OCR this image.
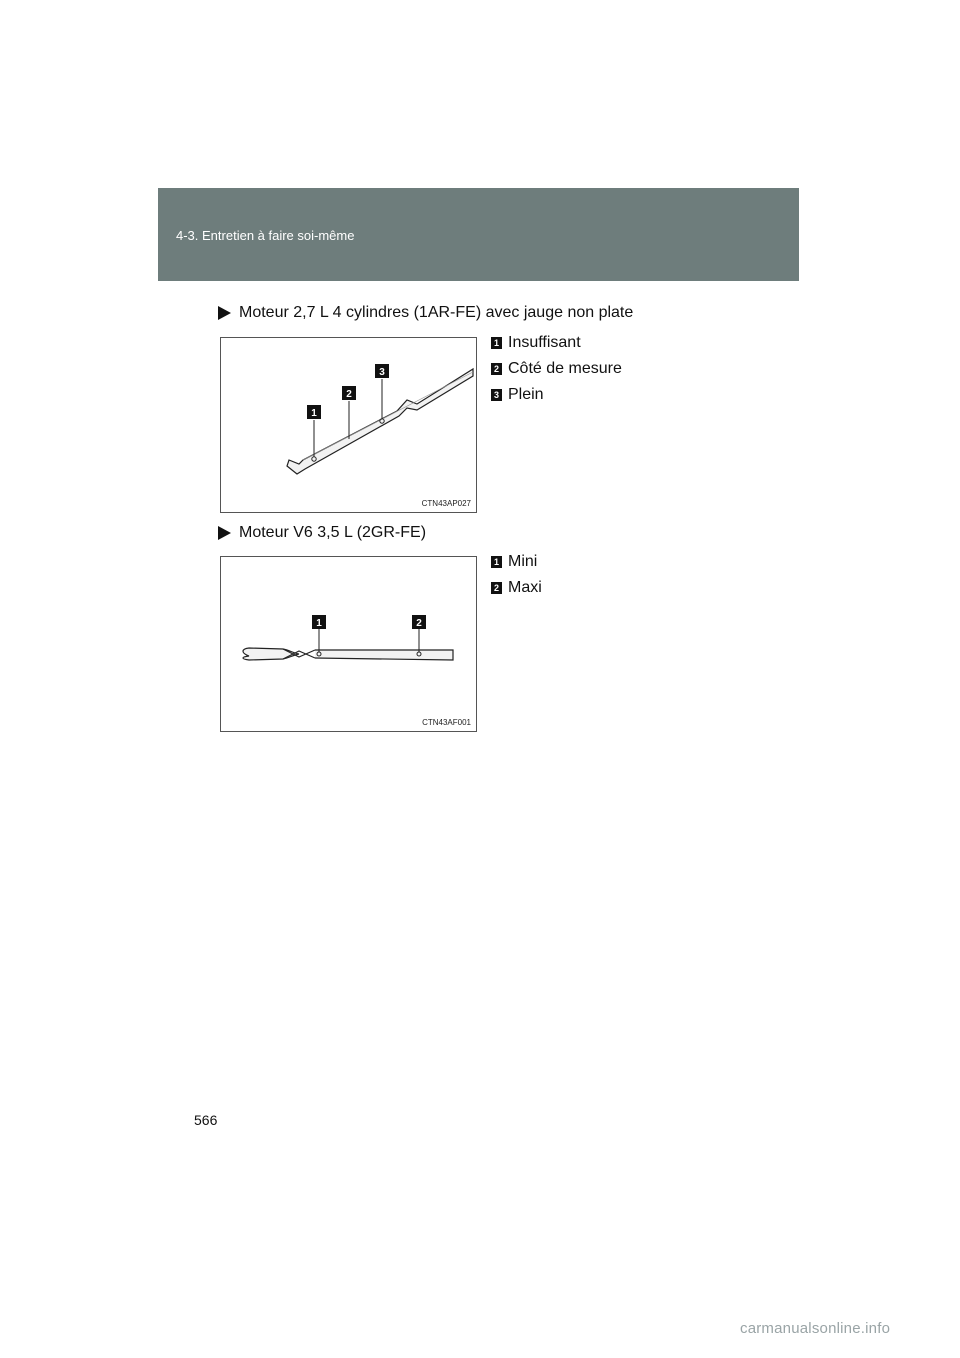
4-3. Entretien à faire soi-même
Moteur 2,7 L 4 cylindres (1AR-FE) avec jauge non plate
1
2
3
CTN43AP027
1 Insuffisant
2 Côté de mesure
3 Plein
Moteur V6 3,5 L (2GR-FE)
1	2
CTN43AF001
1 Mini
2 Maxi
566
carmanualsonline.info
